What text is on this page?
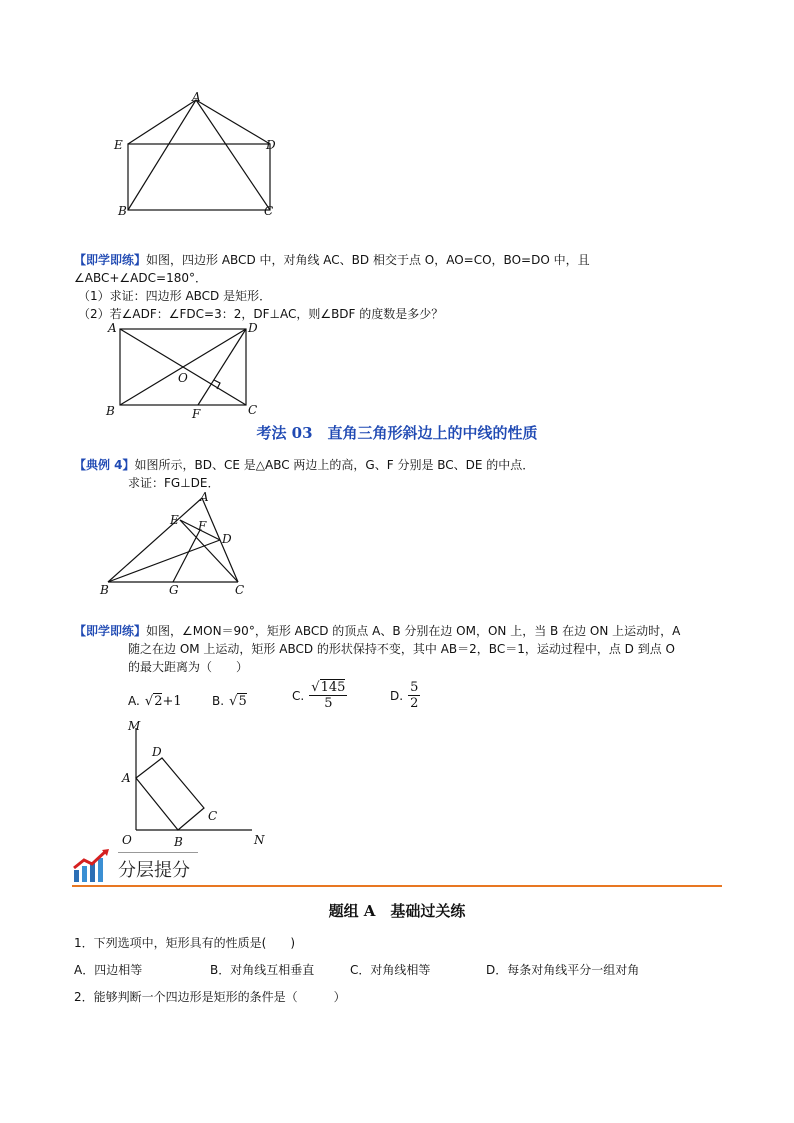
A
E	D
B	C
【即学即练】如图，四边形 ABCD 中，对角线 AC、BD 相交于点 O，AO=CO，BO=DO 中，且
∠ABC+∠ADC=180°．
（1）求证：四边形 ABCD 是矩形．
（2）若∠ADF：∠FDC=3：2，DF⊥AC，则∠BDF 的度数是多少？
A	D
O
B	F	C
考法 03　直角三角形斜边上的中线的性质
【典例 4】如图所示，BD、CE 是△ABC 两边上的高，G、F 分别是 BC、DE 的中点．
求证：FG⊥DE．
A
E F
D
B	G	C
【即学即练】如图，∠MON＝90°，矩形 ABCD 的顶点 A、B 分别在边 OM，ON 上，当 B 在边 ON 上运动时，A
随之在边 OM 上运动，矩形 ABCD 的形状保持不变，其中 AB＝2，BC＝1，运动过程中，点 D 到点 O
的最大距离为（　　）
A. √2+1	B. √5	C. $\frac{√145}{5}$	D. $\frac{5}{2}$
M
D
A
C
O	B	N
分层提分
题组 A　基础过关练
1．下列选项中，矩形具有的性质是(　　)
A．四边相等	B．对角线互相垂直	C．对角线相等	D．每条对角线平分一组对角
2．能够判断一个四边形是矩形的条件是（　　　）
